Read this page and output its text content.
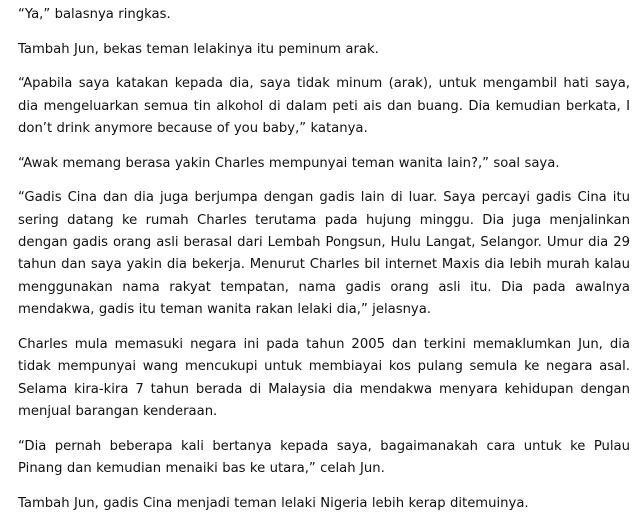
“Ya,” balasnya ringkas.

Tambah Jun, bekas teman lelakinya itu peminum arak.

“Apabila saya katakan kepada dia, saya tidak minum (arak), untuk mengambil hati saya, dia mengeluarkan semua tin alkohol di dalam peti ais dan buang. Dia kemudian berkata, I don’t drink anymore because of you baby,” katanya.

“Awak memang berasa yakin Charles mempunyai teman wanita lain?,” soal saya.

“Gadis Cina dan dia juga berjumpa dengan gadis lain di luar. Saya percayi gadis Cina itu sering datang ke rumah Charles terutama pada hujung minggu. Dia juga menjalinkan dengan gadis orang asli berasal dari Lembah Pongsun, Hulu Langat, Selangor. Umur dia 29 tahun dan saya yakin dia bekerja. Menurut Charles bil internet Maxis dia lebih murah kalau menggunakan nama rakyat tempatan, nama gadis orang asli itu. Dia pada awalnya mendakwa, gadis itu teman wanita rakan lelaki dia,” jelasnya.

Charles mula memasuki negara ini pada tahun 2005 dan terkini memaklumkan Jun, dia tidak mempunyai wang mencukupi untuk membiayai kos pulang semula ke negara asal. Selama kira-kira 7 tahun berada di Malaysia dia mendakwa menyara kehidupan dengan menjual barangan kenderaan.

“Dia pernah beberapa kali bertanya kepada saya, bagaimanakah cara untuk ke Pulau Pinang dan kemudian menaiki bas ke utara,” celah Jun.

Tambah Jun, gadis Cina menjadi teman lelaki Nigeria lebih kerap ditemuinya.
